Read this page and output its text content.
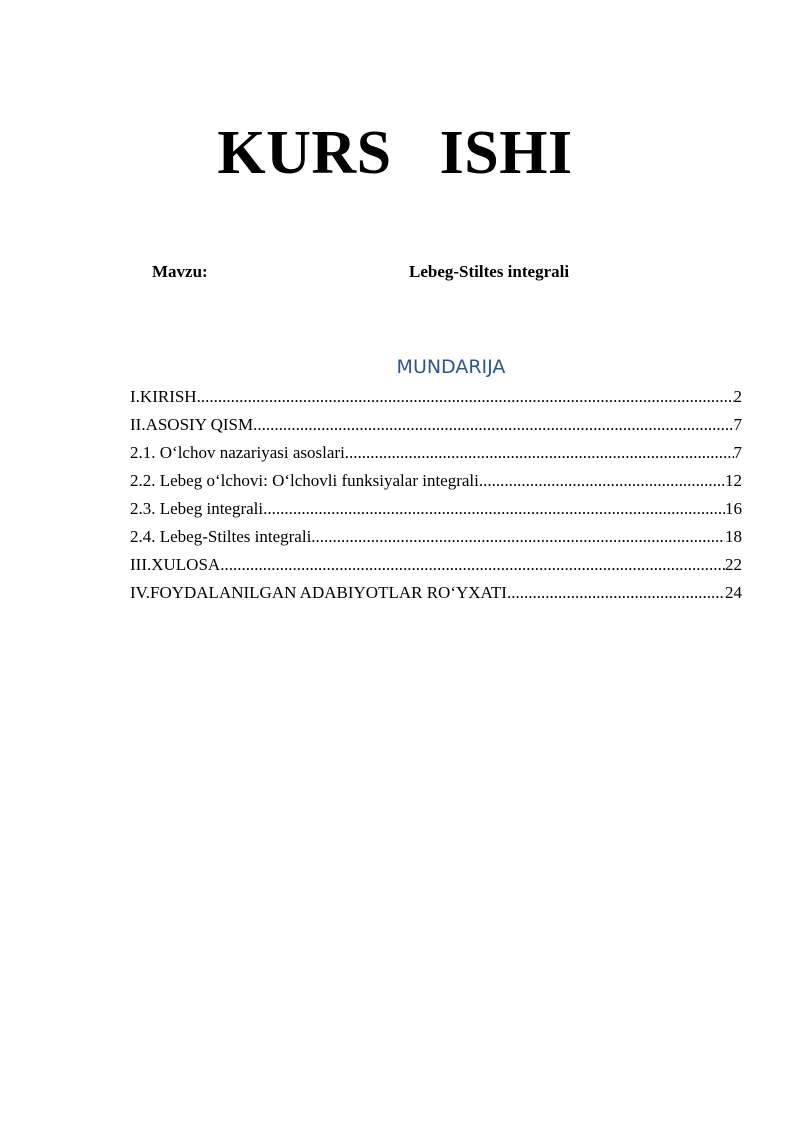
KURS   ISHI
Mavzu:	Lebeg-Stiltes integrali
MUNDARIJA
I.KIRISH .....	2
II.ASOSIY QISM .....	7
2.1. O‘lchov nazariyasi asoslari .....	7
2.2. Lebeg o‘lchovi: O‘lchovli funksiyalar integrali .....	12
2.3. Lebeg integrali .....	16
2.4. Lebeg-Stiltes integrali .....	18
III.XULOSA .....	22
IV.FOYDALANILGAN ADABIYOTLAR RO‘YXATI .....	24
